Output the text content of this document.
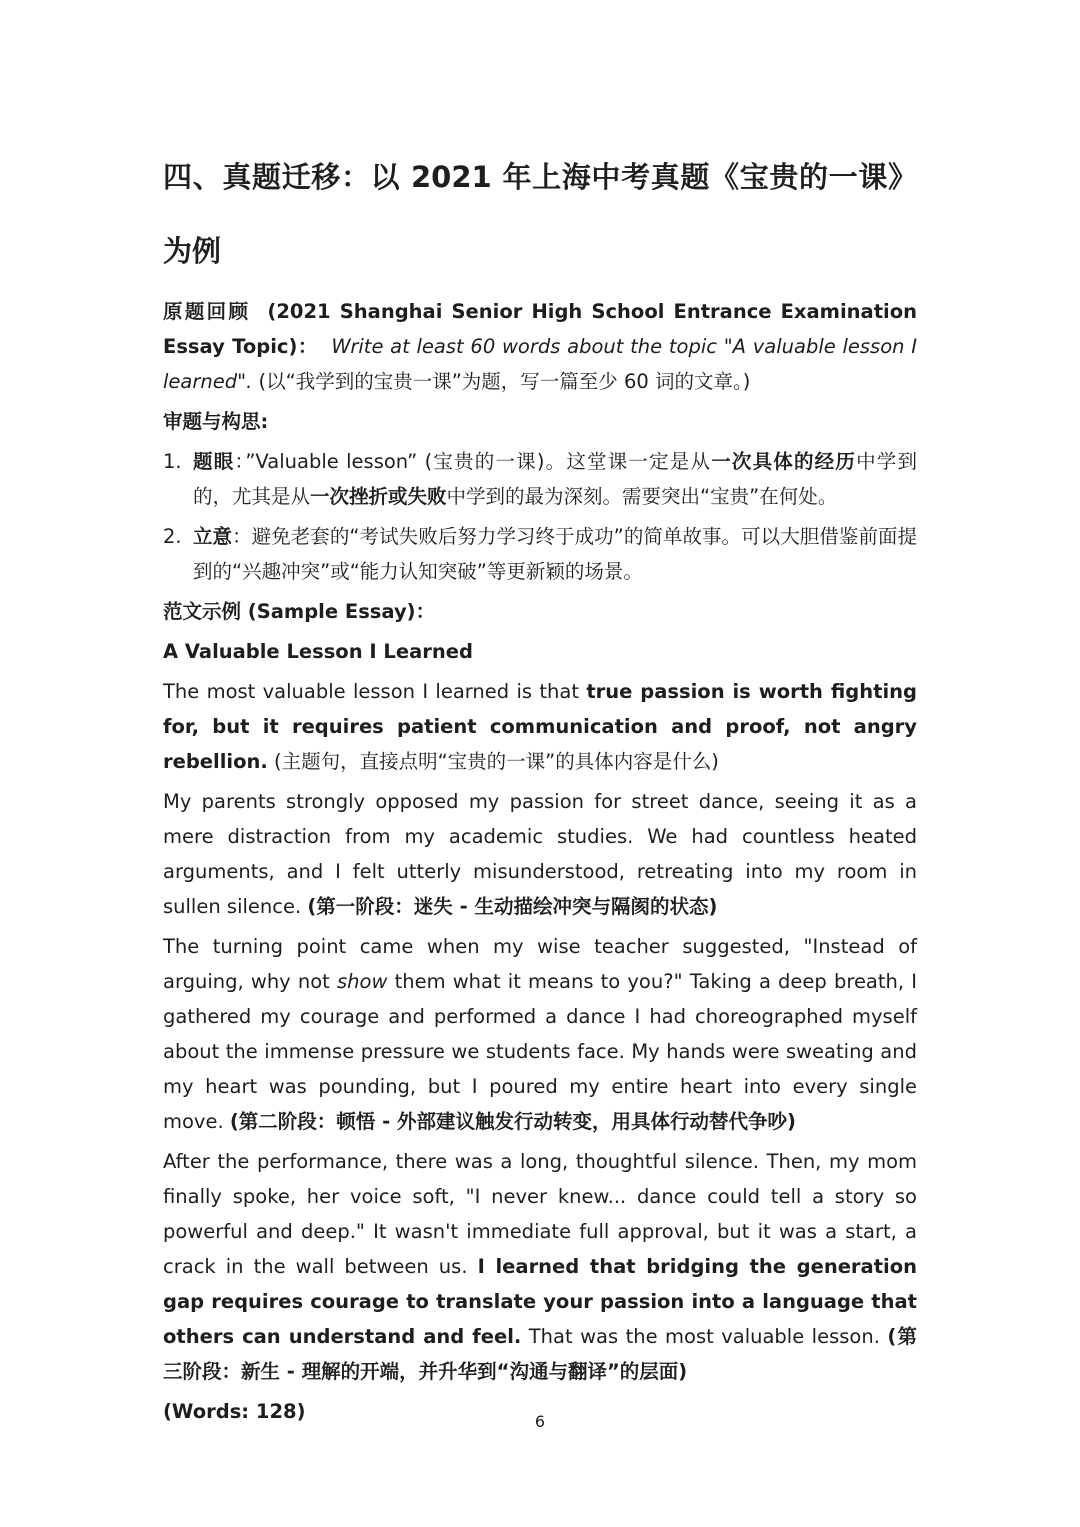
四、真题迁移：以 2021 年上海中考真题《宝贵的一课》为例

原题回顾 (2021 Shanghai Senior High School Entrance Examination Essay Topic)： Write at least 60 words about the topic "A valuable lesson I learned". (以“我学到的宝贵一课”为题，写一篇至少 60 词的文章。)

审题与构思:
1. 题眼：”Valuable lesson” (宝贵的一课)。这堂课一定是从一次具体的经历中学到的，尤其是从一次挫折或失败中学到的最为深刻。需要突出“宝贵”在何处。
2. 立意：避免老套的“考试失败后努力学习终于成功”的简单故事。可以大胆借鉴前面提到的“兴趣冲突”或“能力认知突破”等更新颖的场景。
范文示例 (Sample Essay)：
A Valuable Lesson I Learned

The most valuable lesson I learned is that true passion is worth fighting for, but it requires patient communication and proof, not angry rebellion. (主题句，直接点明“宝贵的一课”的具体内容是什么)

My parents strongly opposed my passion for street dance, seeing it as a mere distraction from my academic studies. We had countless heated arguments, and I felt utterly misunderstood, retreating into my room in sullen silence. (第一阶段：迷失 - 生动描绘冲突与隔阂的状态)

The turning point came when my wise teacher suggested, "Instead of arguing, why not show them what it means to you?" Taking a deep breath, I gathered my courage and performed a dance I had choreographed myself about the immense pressure we students face. My hands were sweating and my heart was pounding, but I poured my entire heart into every single move. (第二阶段：顿悟 - 外部建议触发行动转变，用具体行动替代争吵)

After the performance, there was a long, thoughtful silence. Then, my mom finally spoke, her voice soft, "I never knew... dance could tell a story so powerful and deep." It wasn't immediate full approval, but it was a start, a crack in the wall between us. I learned that bridging the generation gap requires courage to translate your passion into a language that others can understand and feel. That was the most valuable lesson. (第三阶段：新生 - 理解的开端，并升华到“沟通与翻译”的层面)

(Words: 128)	6
